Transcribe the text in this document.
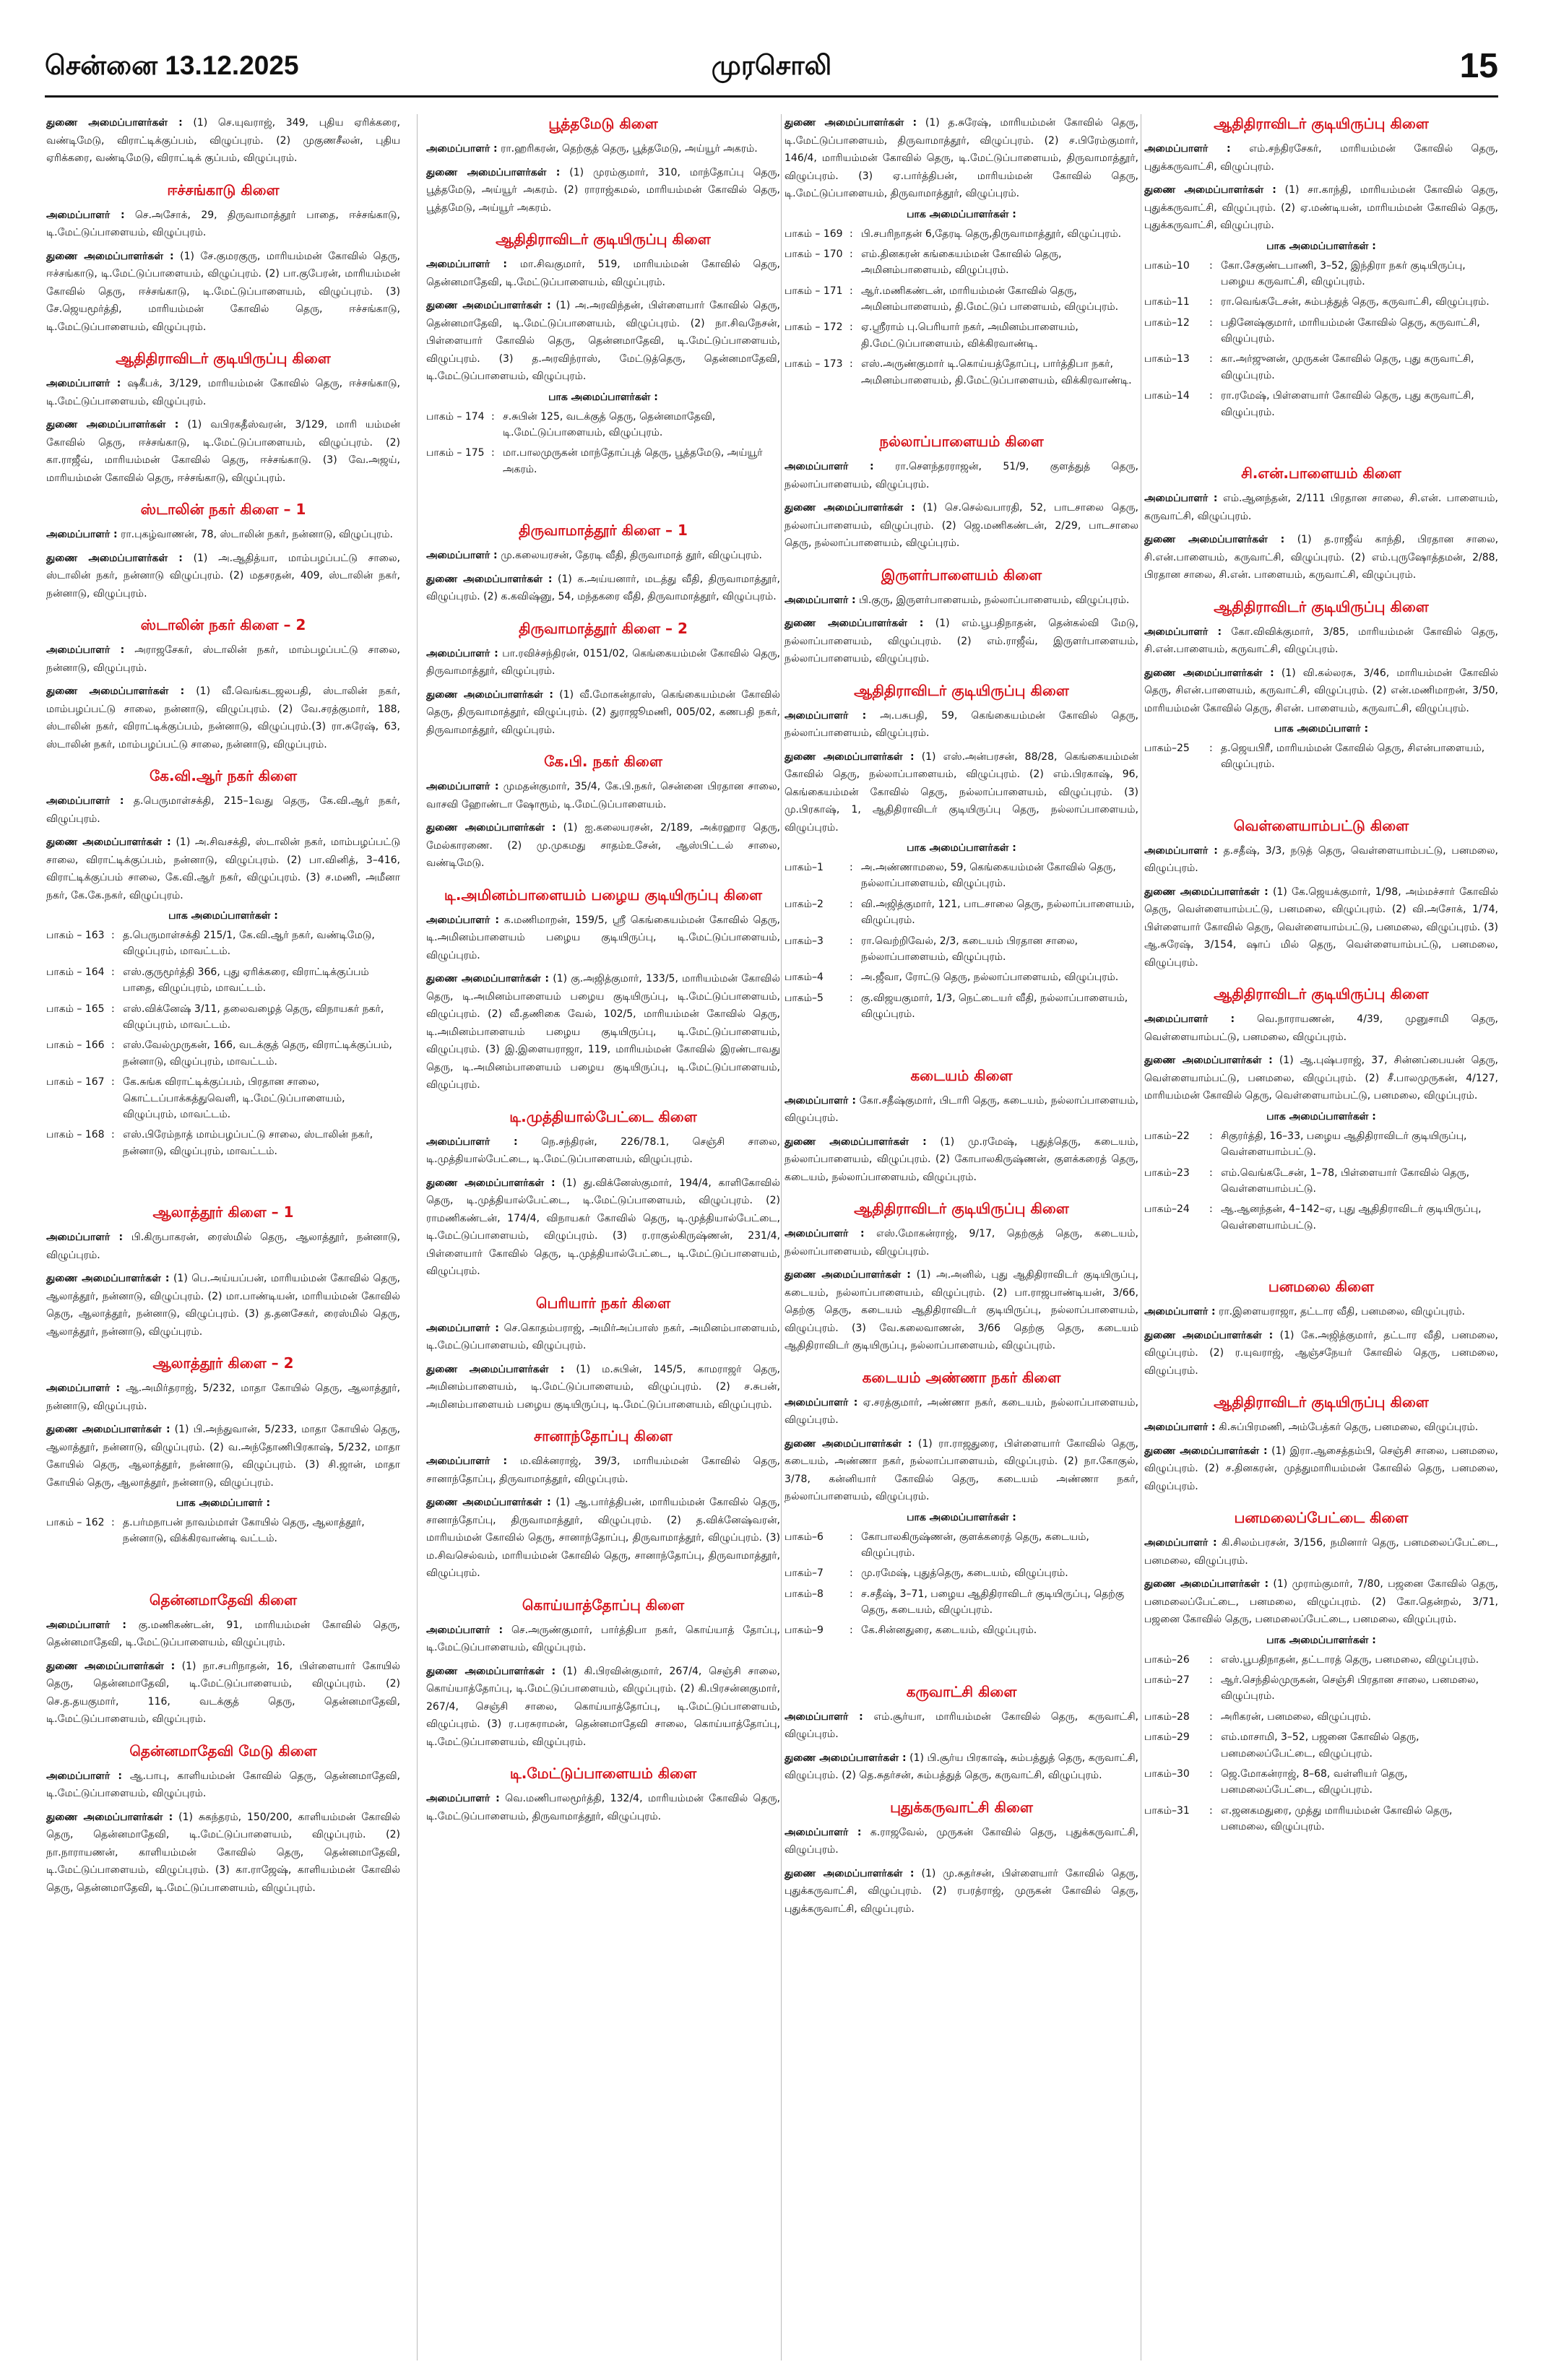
சென்னை 13.12.2025	முரசொலி	15
துணை அமைப்பாளர்கள் : (1) செ.யுவராஜ், 349, புதிய ஏரிக்கரை, வண்டிமேடு, விராட்டிக்குப்பம், விழுப்புரம். (2) முகுணசீலன், புதிய ஏரிக்கரை, வண்டிமேடு, விராட்டிக் குப்பம், விழுப்புரம்.
ஈச்சங்காடு கிளை
அமைப்பாளர் : செ.அசோக், 29, திருவாமாத்தூர் பாதை, ஈச்சங்காடு, டி.மேட்டுப்பாளையம், விழுப்புரம்.
துணை அமைப்பாளர்கள் : (1) சே.குமரகுரு, மாரியம்மன் கோவில் தெரு, ஈச்சங்காடு, டி.மேட்டுப்பாளையம், விழுப்புரம். (2) பா.குபேரன், மாரியம்மன் கோவில் தெரு, ஈச்சங்காடு, டி.மேட்டுப்பாளையம், விழுப்புரம். (3) சே.ஜெயமூர்த்தி, மாரியம்மன் கோவில் தெரு, ஈச்சங்காடு, டி.மேட்டுப்பாளையம், விழுப்புரம்.
ஆதிதிராவிடர் குடியிருப்பு கிளை
அமைப்பாளர் : ஷகீபக், 3/129, மாரியம்மன் கோவில் தெரு, ஈச்சங்காடு, டி.மேட்டுப்பாளையம், விழுப்புரம்.
துணை அமைப்பாளர்கள் : (1) வபிரகதீஸ்வரன், 3/129, மாரி யம்மன் கோவில் தெரு, ஈச்சங்காடு, டி.மேட்டுப்பாளையம், விழுப்புரம். (2) கா.ராஜீவ், மாரியம்மன் கோவில் தெரு, ஈச்சங்காடு. (3) வே.அஜய், மாரியம்மன் கோவில் தெரு, ஈச்சங்காடு, விழுப்புரம்.
ஸ்டாலின் நகர் கிளை – 1
அமைப்பாளர் : ரா.புகழ்வாணன், 78, ஸ்டாலின் நகர், நன்னாடு, விழுப்புரம்.
துணை அமைப்பாளர்கள் : (1) அ.ஆதித்யா, மாம்பழப்பட்டு சாலை, ஸ்டாலின் நகர், நன்னாடு விழுப்புரம். (2) மதசரதன், 409, ஸ்டாலின் நகர், நன்னாடு, விழுப்புரம்.
ஸ்டாலின் நகர் கிளை – 2
அமைப்பாளர் : அராஜசேகர், ஸ்டாலின் நகர், மாம்பழப்பட்டு சாலை, நன்னாடு, விழுப்புரம்.
துணை அமைப்பாளர்கள் : (1) வீ.வெங்கடஜலபதி, ஸ்டாலின் நகர், மாம்பழப்பட்டு சாலை, நன்னாடு, விழுப்புரம். (2) வே.சரத்குமார், 188, ஸ்டாலின் நகர், விராட்டிக்குப்பம், நன்னாடு, விழுப்புரம்.(3) ரா.சுரேஷ், 63, ஸ்டாலின் நகர், மாம்பழப்பட்டு சாலை, நன்னாடு, விழுப்புரம்.
கே.வி.ஆர் நகர் கிளை
அமைப்பாளர் : த.பெருமாள்சக்தி, 215–1வது தெரு, கே.வி.ஆர் நகர், விழுப்புரம்.
துணை அமைப்பாளர்கள் : (1) அ.சிவசக்தி, ஸ்டாலின் நகர், மாம்பழப்பட்டு சாலை, விராட்டிக்குப்பம், நன்னாடு, விழுப்புரம். (2) பா.வினித், 3–416, விராட்டிக்குப்பம் சாலை, கே.வி.ஆர் நகர், விழுப்புரம். (3) ச.மணி, அமீனா நகர், கே.கே.நகர், விழுப்புரம்.
பாக அமைப்பாளர்கள் :
பாகம் – 163 : த.பெருமாள்சக்தி 215/1, கே.வி.ஆர் நகர், வண்டிமேடு, விழுப்புரம், மாவட்டம்.
பாகம் – 164 : எஸ்.குருமூர்த்தி 366, புது ஏரிக்கரை, விராட்டிக்குப்பம் பாதை, விழுப்புரம், மாவட்டம்.
பாகம் – 165 : எஸ்.விக்னேஷ் 3/11, தலைவழைத் தெரு, விநாயகர் நகர், விழுப்புரம், மாவட்டம்.
பாகம் – 166 : எஸ்.வேல்முருகன், 166, வடக்குத் தெரு, விராட்டிக்குப்பம், நன்னாடு, விழுப்புரம், மாவட்டம்.
பாகம் – 167 : கே.சுங்க விராட்டிக்குப்பம், பிரதான சாலை, கொட்டப்பாக்கத்துவெளி, டி.மேட்டுப்பாளையம், விழுப்புரம், மாவட்டம்.
பாகம் – 168 : எஸ்.பிரேம்நாத் மாம்பழப்பட்டு சாலை, ஸ்டாலின் நகர், நன்னாடு, விழுப்புரம், மாவட்டம்.
ஆலாத்தூர் கிளை – 1
அமைப்பாளர் : பி.கிருபாகரன், ரைஸ்மில் தெரு, ஆலாத்தூர், நன்னாடு, விழுப்புரம்.
துணை அமைப்பாளர்கள் : (1) பெ.அய்யப்பன், மாரியம்மன் கோவில் தெரு, ஆலாத்தூர், நன்னாடு, விழுப்புரம். (2) மா.பாண்டியன், மாரியம்மன் கோவில் தெரு, ஆலாத்தூர், நன்னாடு, விழுப்புரம். (3) த.தனசேகர், ரைஸ்மில் தெரு, ஆலாத்தூர், நன்னாடு, விழுப்புரம்.
ஆலாத்தூர் கிளை – 2
அமைப்பாளர் : ஆ.அமிர்தராஜ், 5/232, மாதா கோயில் தெரு, ஆலாத்தூர், நன்னாடு, விழுப்புரம்.
துணை அமைப்பாளர்கள் : (1) பி.அந்துவான், 5/233, மாதா கோயில் தெரு, ஆலாத்தூர், நன்னாடு, விழுப்புரம். (2) வ.அந்தோணிபிரகாஷ், 5/232, மாதா கோயில் தெரு, ஆலாத்தூர், நன்னாடு, விழுப்புரம். (3) சி.ஜான், மாதா கோயில் தெரு, ஆலாத்தூர், நன்னாடு, விழுப்புரம்.
பாக அமைப்பாளர் :
பாகம் – 162 : த.பர்மநாபன் நாவம்மாள் கோயில் தெரு, ஆலாத்தூர், நன்னாடு, விக்கிரவாண்டி வட்டம்.
தென்னமாதேவி கிளை
அமைப்பாளர் : கு.மணிகண்டன், 91, மாரியம்மன் கோவில் தெரு, தென்னமாதேவி, டி.மேட்டுப்பாளையம், விழுப்புரம்.
துணை அமைப்பாளர்கள் : (1) நா.சபரிநாதன், 16, பிள்ளையார் கோயில் தெரு, தென்னமாதேவி, டி.மேட்டுப்பாளையம், விழுப்புரம். (2) செ.த.தயகுமார், 116, வடக்குத் தெரு, தென்னமாதேவி, டி.மேட்டுப்பாளையம், விழுப்புரம்.
தென்னமாதேவி மேடு கிளை
அமைப்பாளர் : ஆ.பாபு, காளியம்மன் கோவில் தெரு, தென்னமாதேவி, டி.மேட்டுப்பாளையம், விழுப்புரம்.
துணை அமைப்பாளர்கள் : (1) சுகந்தரம், 150/200, காளியம்மன் கோவில் தெரு, தென்னமாதேவி, டி.மேட்டுப்பாளையம், விழுப்புரம். (2) நா.நாராயணன், காளியம்மன் கோவில் தெரு, தென்னமாதேவி, டி.மேட்டுப்பாளையம், விழுப்புரம். (3) கா.ராஜேஷ், காளியம்மன் கோவில் தெரு, தென்னமாதேவி, டி.மேட்டுப்பாளையம், விழுப்புரம்.
பூத்தமேடு கிளை
அமைப்பாளர் : ரா.ஹரிகரன், தெற்குத் தெரு, பூத்தமேடு, அய்யூர் அகரம்.
துணை அமைப்பாளர்கள் : (1) முரம்குமார், 310, மாந்தோப்பு தெரு, பூத்தமேடு, அய்யூர் அகரம். (2) ராராஜ்கமல், மாரியம்மன் கோவில் தெரு, பூத்தமேடு, அய்யூர் அகரம்.
ஆதிதிராவிடர் குடியிருப்பு கிளை
அமைப்பாளர் : மா.சிவகுமார், 519, மாரியம்மன் கோவில் தெரு, தென்னமாதேவி, டி.மேட்டுப்பாளையம், விழுப்புரம்.
துணை அமைப்பாளர்கள் : (1) அ.அரவிந்தன், பிள்ளையார் கோவில் தெரு, தென்னமாதேவி, டி.மேட்டுப்பாளையம், விழுப்புரம். (2) நா.சிவநேசன், பிள்ளையார் கோவில் தெரு, தென்னமாதேவி, டி.மேட்டுப்பாளையம், விழுப்புரம். (3) த.அரவிந்ராஸ், மேட்டுத்தெரு, தென்னமாதேவி, டி.மேட்டுப்பாளையம், விழுப்புரம்.
பாக அமைப்பாளர்கள் :
பாகம் – 174 : ச.சுபின் 125, வடக்குத் தெரு, தென்னமாதேவி, டி.மேட்டுப்பாளையம், விழுப்புரம்.
பாகம் – 175 : மா.பாலமுருகன் மாந்தோப்புத் தெரு, பூத்தமேடு, அய்யூர் அகரம்.
திருவாமாத்தூர் கிளை – 1
அமைப்பாளர் : மு.கலையரசன், தேரடி வீதி, திருவாமாத் தூர், விழுப்புரம்.
துணை அமைப்பாளர்கள் : (1) க.அய்யனார், மடத்து வீதி, திருவாமாத்தூர், விழுப்புரம். (2) க.கவிஷ்னு, 54, மந்தகரை வீதி, திருவாமாத்தூர், விழுப்புரம்.
திருவாமாத்தூர் கிளை – 2
அமைப்பாளர் : பா.ரவிச்சந்திரன், 0151/02, கெங்கையம்மன் கோவில் தெரு, திருவாமாத்தூர், விழுப்புரம்.
துணை அமைப்பாளர்கள் : (1) வீ.மோகன்தாஸ், கெங்கையம்மன் கோவில் தெரு, திருவாமாத்தூர், விழுப்புரம். (2) துராஜூமணி, 005/02, கணபதி நகர், திருவாமாத்தூர், விழுப்புரம்.
கே.பி. நகர் கிளை
அமைப்பாளர் : முமதன்குமார், 35/4, கே.பி.நகர், சென்னை பிரதான சாலை, வாசவி ஹோண்டா ஷோரூம், டி.மேட்டுப்பாளையம்.
துணை அமைப்பாளர்கள் : (1) ஐ.கலையரசன், 2/189, அக்ரஹார தெரு, மேல்காரணை. (2) மு.முகமது சாதம்உசேன், ஆஸ்பிட்டல் சாலை, வண்டிமேடு.
டி.அமினம்பாளையம் பழைய குடியிருப்பு கிளை
அமைப்பாளர் : க.மணிமாறன், 159/5, ஸ்ரீ கெங்கையம்மன் கோவில் தெரு, டி.அமினம்பாளையம் பழைய குடியிருப்பு, டி.மேட்டுப்பாளையம், விழுப்புரம்.
துணை அமைப்பாளர்கள் : (1) கு.அஜித்குமார், 133/5, மாரியம்மன் கோவில் தெரு, டி.அமினம்பாளையம் பழைய குடியிருப்பு, டி.மேட்டுப்பாளையம், விழுப்புரம். (2) வீ.தணிகை வேல், 102/5, மாரியம்மன் கோவில் தெரு, டி.அமினம்பாளையம் பழைய குடியிருப்பு, டி.மேட்டுப்பாளையம், விழுப்புரம். (3) இ.இளையராஜா, 119, மாரியம்மன் கோவில் இரண்டாவது தெரு, டி.அமினம்பாளையம் பழைய குடியிருப்பு, டி.மேட்டுப்பாளையம், விழுப்புரம்.
டி.முத்தியால்பேட்டை கிளை
அமைப்பாளர் : நெ.சந்திரன், 226/78.1, செஞ்சி சாலை, டி.முத்தியால்பேட்டை, டி.மேட்டுப்பாளையம், விழுப்புரம்.
துணை அமைப்பாளர்கள் : (1) து.விக்னேஸ்குமார், 194/4, காளிகோவில் தெரு, டி.முத்தியால்பேட்டை, டி.மேட்டுப்பாளையம், விழுப்புரம். (2) ராமணிகண்டன், 174/4, விநாயகர் கோவில் தெரு, டி.முத்தியால்பேட்டை, டி.மேட்டுப்பாளையம், விழுப்புரம். (3) ர.ராகுல்கிருஷ்ணன், 231/4, பிள்ளையார் கோவில் தெரு, டி.முத்தியால்பேட்டை, டி.மேட்டுப்பாளையம், விழுப்புரம்.
பெரியார் நகர் கிளை
அமைப்பாளர் : செ.கொதம்பராஜ், அமிர்அப்பாஸ் நகர், அமினம்பாளையம், டி.மேட்டுப்பாளையம், விழுப்புரம்.
துணை அமைப்பாளர்கள் : (1) ம.சுபின், 145/5, காமராஜர் தெரு, அமினம்பாளையம், டி.மேட்டுப்பாளையம், விழுப்புரம். (2) ச.சுபன், அமினம்பாளையம் பழைய குடியிருப்பு, டி.மேட்டுப்பாளையம், விழுப்புரம்.
சானாந்தோப்பு கிளை
அமைப்பாளர் : ம.விக்னராஜ், 39/3, மாரியம்மன் கோவில் தெரு, சானாந்தோப்பு, திருவாமாத்தூர், விழுப்புரம்.
துணை அமைப்பாளர்கள் : (1) ஆ.பார்த்திபன், மாரியம்மன் கோவில் தெரு, சானாந்தோப்பு, திருவாமாத்தூர், விழுப்புரம். (2) த.விக்னேஷ்வரன், மாரியம்மன் கோவில் தெரு, சானாந்தோப்பு, திருவாமாத்தூர், விழுப்புரம். (3) ம.சிவசெல்வம், மாரியம்மன் கோவில் தெரு, சானாந்தோப்பு, திருவாமாத்தூர், விழுப்புரம்.
கொய்யாத்தோப்பு கிளை
அமைப்பாளர் : செ.அருண்குமார், பார்த்திபா நகர், கொய்யாத் தோப்பு, டி.மேட்டுப்பாளையம், விழுப்புரம்.
துணை அமைப்பாளர்கள் : (1) கி.பிரவின்குமார், 267/4, செஞ்சி சாலை, கொய்யாத்தோப்பு, டி.மேட்டுப்பாளையம், விழுப்புரம். (2) கி.பிரசன்னகுமார், 267/4, செஞ்சி சாலை, கொய்யாத்தோப்பு, டி.மேட்டுப்பாளையம், விழுப்புரம். (3) ர.பரசுராமன், தென்னமாதேவி சாலை, கொய்யாத்தோப்பு, டி.மேட்டுப்பாளையம், விழுப்புரம்.
டி.மேட்டுப்பாளையம் கிளை
அமைப்பாளர் : வெ.மணிபாலமூர்த்தி, 132/4, மாரியம்மன் கோவில் தெரு, டி.மேட்டுப்பாளையம், திருவாமாத்தூர், விழுப்புரம்.
துணை அமைப்பாளர்கள் : (1) த.சுரேஷ், மாரியம்மன் கோவில் தெரு, டி.மேட்டுப்பாளையம், திருவாமாத்தூர், விழுப்புரம். (2) ச.பிரேம்குமார், 146/4, மாரியம்மன் கோவில் தெரு, டி.மேட்டுப்பாளையம், திருவாமாத்தூர், விழுப்புரம். (3) ஏ.பார்த்திபன், மாரியம்மன் கோவில் தெரு, டி.மேட்டுப்பாளையம், திருவாமாத்தூர், விழுப்புரம்.
பாக அமைப்பாளர்கள் :
பாகம் – 169 : பி.சபரிநாதன் 6,தேரடி தெரு,திருவாமாத்தூர், விழுப்புரம்.
பாகம் – 170 : எம்.தினகரன் கங்கையம்மன் கோவில் தெரு, அமினம்பாளையம், விழுப்புரம்.
பாகம் – 171 : ஆர்.மணிகண்டன், மாரியம்மன் கோவில் தெரு, அமினம்பாளையம், தி.மேட்டுப் பாளையம், விழுப்புரம்.
பாகம் – 172 : ஏ.ஸ்ரீராம் பு.பெரியார் நகர், அமினம்பாளையம், தி.மேட்டுப்பாளையம், விக்கிரவாண்டி.
பாகம் – 173 : எஸ்.அருண்குமார் டி.கொய்யத்தோப்பு, பார்த்திபா நகர், அமினம்பாளையம், தி.மேட்டுப்பாளையம், விக்கிரவாண்டி.
நல்லாப்பாளையம் கிளை
அமைப்பாளர் : ரா.சௌந்தரராஜன், 51/9, குளத்துத் தெரு, நல்லாப்பாளையம், விழுப்புரம்.
துணை அமைப்பாளர்கள் : (1) செ.செல்வபாரதி, 52, பாடசாலை தெரு, நல்லாப்பாளையம், விழுப்புரம். (2) ஜெ.மணிகண்டன், 2/29, பாடசாலை தெரு, நல்லாப்பாளையம், விழுப்புரம்.
இருளர்பாளையம் கிளை
அமைப்பாளர் : பி.குரு, இருளர்பாளையம், நல்லாப்பாளையம், விழுப்புரம்.
துணை அமைப்பாளர்கள் : (1) எம்.பூபதிநாதன், தென்கல்வி மேடு, நல்லாப்பாளையம், விழுப்புரம். (2) எம்.ராஜீவ், இருளர்பாளையம், நல்லாப்பாளையம், விழுப்புரம்.
ஆதிதிராவிடர் குடியிருப்பு கிளை
அமைப்பாளர் : அ.பசுபதி, 59, கெங்கையம்மன் கோவில் தெரு, நல்லாப்பாளையம், விழுப்புரம்.
துணை அமைப்பாளர்கள் : (1) எஸ்.அன்பரசன், 88/28, கெங்கையம்மன் கோவில் தெரு, நல்லாப்பாளையம், விழுப்புரம். (2) எம்.பிரகாஷ், 96, கெங்கையம்மன் கோவில் தெரு, நல்லாப்பாளையம், விழுப்புரம். (3) மு.பிரகாஷ், 1, ஆதிதிராவிடர் குடியிருப்பு தெரு, நல்லாப்பாளையம், விழுப்புரம்.
பாக அமைப்பாளர்கள் :
பாகம்–1	: அ.அண்ணாமலை, 59, கெங்கையம்மன் கோவில் தெரு, நல்லாப்பாளையம், விழுப்புரம்.
பாகம்–2	: வி.அஜித்குமார், 121, பாடசாலை தெரு, நல்லாப்பாளையம், விழுப்புரம்.
பாகம்–3	: ரா.வெற்றிவேல், 2/3, கடையம் பிரதான சாலை, நல்லாப்பாளையம், விழுப்புரம்.
பாகம்–4	: அ.ஜீவா, ரோட்டு தெரு, நல்லாப்பாளையம், விழுப்புரம்.
பாகம்–5	: கு.விஜயகுமார், 1/3, நெட்டையர் வீதி, நல்லாப்பாளையம், விழுப்புரம்.
கடையம் கிளை
அமைப்பாளர் : கோ.சதீஷ்குமார், பிடாரி தெரு, கடையம், நல்லாப்பாளையம், விழுப்புரம்.
துணை அமைப்பாளர்கள் : (1) மு.ரமேஷ், புதுத்தெரு, கடையம், நல்லாப்பாளையம், விழுப்புரம். (2) கோபாலகிருஷ்ணன், குளக்கரைத் தெரு, கடையம், நல்லாப்பாளையம், விழுப்புரம்.
ஆதிதிராவிடர் குடியிருப்பு கிளை
அமைப்பாளர் : எஸ்.மோகன்ராஜ், 9/17, தெற்குத் தெரு, கடையம், நல்லாப்பாளையம், விழுப்புரம்.
துணை அமைப்பாளர்கள் : (1) அ.அனில், புது ஆதிதிராவிடர் குடியிருப்பு, கடையம், நல்லாப்பாளையம், விழுப்புரம். (2) பா.ராஜபாண்டியன், 3/66, தெற்கு தெரு, கடையம் ஆதிதிராவிடர் குடியிருப்பு, நல்லாப்பாளையம், விழுப்புரம். (3) வே.கலைவாணன், 3/66 தெற்கு தெரு, கடையம் ஆதிதிராவிடர் குடியிருப்பு, நல்லாப்பாளையம், விழுப்புரம்.
கடையம் அண்ணா நகர் கிளை
அமைப்பாளர் : ஏ.சரத்குமார், அண்ணா நகர், கடையம், நல்லாப்பாளையம், விழுப்புரம்.
துணை அமைப்பாளர்கள் : (1) ரா.ராஜதுரை, பிள்ளையார் கோவில் தெரு, கடையம், அண்ணா நகர், நல்லாப்பாளையம், விழுப்புரம். (2) நா.கோகுல், 3/78, கன்னியார் கோவில் தெரு, கடையம் அண்ணா நகர், நல்லாப்பாளையம், விழுப்புரம்.
பாக அமைப்பாளர்கள் :
பாகம்–6	: கோபாலகிருஷ்ணன், குளக்கரைத் தெரு, கடையம், விழுப்புரம்.
பாகம்–7	: மு.ரமேஷ், புதுத்தெரு, கடையம், விழுப்புரம்.
பாகம்–8	: ச.சதீஷ், 3–71, பழைய ஆதிதிராவிடர் குடியிருப்பு, தெற்கு தெரு, கடையம், விழுப்புரம்.
பாகம்–9	: கே.சின்னதுரை, கடையம், விழுப்புரம்.
கருவாட்சி கிளை
அமைப்பாளர் : எம்.சூர்யா, மாரியம்மன் கோவில் தெரு, கருவாட்சி, விழுப்புரம்.
துணை அமைப்பாளர்கள் : (1) பி.சூர்ய பிரகாஷ், சும்பத்துத் தெரு, கருவாட்சி, விழுப்புரம். (2) தெ.சுதர்சன், சும்பத்துத் தெரு, கருவாட்சி, விழுப்புரம்.
புதுக்கருவாட்சி கிளை
அமைப்பாளர் : க.ராஜவேல், முருகன் கோவில் தெரு, புதுக்கருவாட்சி, விழுப்புரம்.
துணை அமைப்பாளர்கள் : (1) மு.சுதர்சன், பிள்ளையார் கோவில் தெரு, புதுக்கருவாட்சி, விழுப்புரம். (2) ரபரத்ராஜ், முருகன் கோவில் தெரு, புதுக்கருவாட்சி, விழுப்புரம்.
ஆதிதிராவிடர் குடியிருப்பு கிளை
அமைப்பாளர் : எம்.சந்திரசேகர், மாரியம்மன் கோவில் தெரு, புதுக்கருவாட்சி, விழுப்புரம்.
துணை அமைப்பாளர்கள் : (1) சா.காந்தி, மாரியம்மன் கோவில் தெரு, புதுக்கருவாட்சி, விழுப்புரம். (2) ஏ.மண்டியன், மாரியம்மன் கோவில் தெரு, புதுக்கருவாட்சி, விழுப்புரம்.
பாக அமைப்பாளர்கள் :
பாகம்–10	: கோ.சேகுண்டபாணி, 3–52, இந்திரா நகர் குடியிருப்பு, பழைய கருவாட்சி, விழுப்புரம்.
பாகம்–11	: ரா.வெங்கடேசன், சும்பத்துத் தெரு, கருவாட்சி, விழுப்புரம்.
பாகம்–12	: பதினேஷ்குமார், மாரியம்மன் கோவில் தெரு, கருவாட்சி, விழுப்புரம்.
பாகம்–13	: கா.அர்ஜுனன், முருகன் கோவில் தெரு, புது கருவாட்சி, விழுப்புரம்.
பாகம்–14	: ரா.ரமேஷ், பிள்ளையார் கோவில் தெரு, புது கருவாட்சி, விழுப்புரம்.
சி.என்.பாளையம் கிளை
அமைப்பாளர் : எம்.ஆனந்தன், 2/111 பிரதான சாலை, சி.என். பாளையம், கருவாட்சி, விழுப்புரம்.
துணை அமைப்பாளர்கள் : (1) த.ராஜீவ் காந்தி, பிரதான சாலை, சி.என்.பாளையம், கருவாட்சி, விழுப்புரம். (2) எம்.புருஷோத்தமன், 2/88, பிரதான சாலை, சி.என். பாளையம், கருவாட்சி, விழுப்புரம்.
ஆதிதிராவிடர் குடியிருப்பு கிளை
அமைப்பாளர் : கோ.விவிக்குமார், 3/85, மாரியம்மன் கோவில் தெரு, சி.என்.பாளையம், கருவாட்சி, விழுப்புரம்.
துணை அமைப்பாளர்கள் : (1) வி.கல்லரசு, 3/46, மாரியம்மன் கோவில் தெரு, சிஎன்.பாளையம், கருவாட்சி, விழுப்புரம். (2) என்.மணிமாறன், 3/50, மாரியம்மன் கோவில் தெரு, சிஎன். பாளையம், கருவாட்சி, விழுப்புரம்.
பாக அமைப்பாளர் :
பாகம்–25	: த.ஜெயபிரீ, மாரியம்மன் கோவில் தெரு, சிஎன்பாளையம், விழுப்புரம்.
வெள்ளையாம்பட்டு கிளை
அமைப்பாளர் : த.சதீஷ், 3/3, நடுத் தெரு, வெள்ளையாம்பட்டு, பனமலை, விழுப்புரம்.
துணை அமைப்பாளர்கள் : (1) கே.ஜெயக்குமார், 1/98, அம்மச்சார் கோவில் தெரு, வெள்ளையாம்பட்டு, பனமலை, விழுப்புரம். (2) வி.அசோக், 1/74, பிள்ளையார் கோவில் தெரு, வெள்ளையாம்பட்டு, பனமலை, விழுப்புரம். (3) ஆ.சுரேஷ், 3/154, ஷாப் மில் தெரு, வெள்ளையாம்பட்டு, பனமலை, விழுப்புரம்.
ஆதிதிராவிடர் குடியிருப்பு கிளை
அமைப்பாளர் : வெ.நாராயணன், 4/39, முனுசாமி தெரு, வெள்ளையாம்பட்டு, பனமலை, விழுப்புரம்.
துணை அமைப்பாளர்கள் : (1) ஆ.புஷ்பராஜ், 37, சின்னப்பையன் தெரு, வெள்ளையாம்பட்டு, பனமலை, விழுப்புரம். (2) சீ.பாலமுருகன், 4/127, மாரியம்மன் கோவில் தெரு, வெள்ளையாம்பட்டு, பனமலை, விழுப்புரம்.
பாக அமைப்பாளர்கள் :
பாகம்–22	: சிகுரர்த்தி, 16–33, பழைய ஆதிதிராவிடர் குடியிருப்பு, வெள்ளையாம்பட்டு.
பாகம்–23	: எம்.வெங்கடேசன், 1–78, பிள்ளையார் கோவில் தெரு, வெள்ளையாம்பட்டு.
பாகம்–24	: ஆ.ஆனந்தன், 4–142–ஏ, புது ஆதிதிராவிடர் குடியிருப்பு, வெள்ளையாம்பட்டு.
பனமலை கிளை
அமைப்பாளர் : ரா.இளையராஜா, தட்டார வீதி, பனமலை, விழுப்புரம்.
துணை அமைப்பாளர்கள் : (1) கே.அஜித்குமார், தட்டார வீதி, பனமலை, விழுப்புரம். (2) ர.யுவராஜ், ஆஞ்சநேயர் கோவில் தெரு, பனமலை, விழுப்புரம்.
ஆதிதிராவிடர் குடியிருப்பு கிளை
அமைப்பாளர் : கி.சுப்பிரமணி, அம்பேத்கர் தெரு, பனமலை, விழுப்புரம்.
துணை அமைப்பாளர்கள் : (1) இரா.ஆசைத்தம்பி, செஞ்சி சாலை, பனமலை, விழுப்புரம். (2) ச.தினகரன், முத்துமாரியம்மன் கோவில் தெரு, பனமலை, விழுப்புரம்.
பனமலைப்பேட்டை கிளை
அமைப்பாளர் : கி.சிலம்பரசன், 3/156, நமினார் தெரு, பனமலைப்பேட்டை, பனமலை, விழுப்புரம்.
துணை அமைப்பாளர்கள் : (1) முராம்குமார், 7/80, பஜனை கோவில் தெரு, பனமலைப்பேட்டை, பனமலை, விழுப்புரம். (2) கோ.தென்றல், 3/71, பஜனை கோவில் தெரு, பனமலைப்பேட்டை, பனமலை, விழுப்புரம்.
பாக அமைப்பாளர்கள் :
பாகம்–26	: எஸ்.பூபதிநாதன், தட்டாரத் தெரு, பனமலை, விழுப்புரம்.
பாகம்–27	: ஆர்.செந்தில்முருகன், செஞ்சி பிரதான சாலை, பனமலை, விழுப்புரம்.
பாகம்–28	: அரிகரன், பனமலை, விழுப்புரம்.
பாகம்–29	: எம்.மாசாமி, 3–52, பஜனை கோவில் தெரு, பனமலைப்பேட்டை, விழுப்புரம்.
பாகம்–30	: ஜெ.மோகன்ராஜ், 8–68, வள்ளியர் தெரு, பனமலைப்பேட்டை, விழுப்புரம்.
பாகம்–31	: எ.ஜனகமதுரை, முத்து மாரியம்மன் கோவில் தெரு, பனமலை, விழுப்புரம்.
